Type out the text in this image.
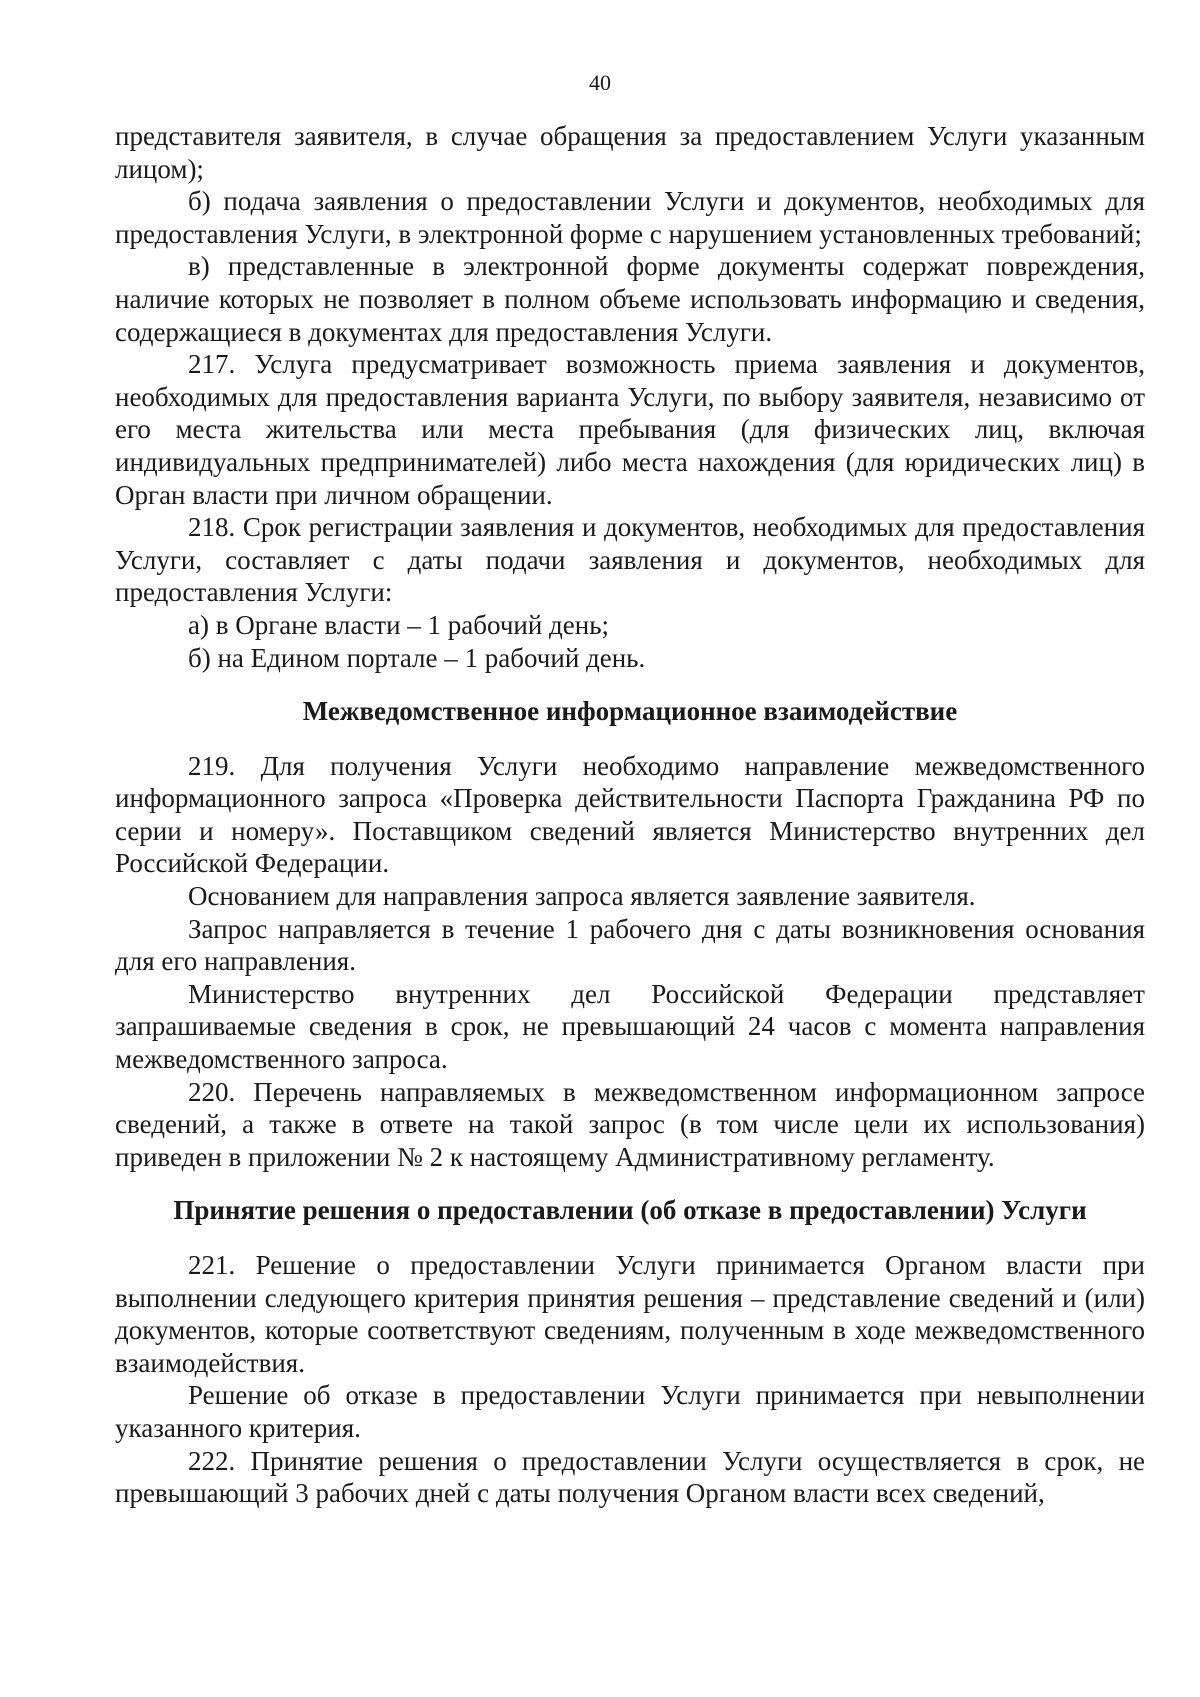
40

представителя заявителя, в случае обращения за предоставлением Услуги указанным лицом);

б) подача заявления о предоставлении Услуги и документов, необходимых для предоставления Услуги, в электронной форме с нарушением установленных требований;

в) представленные в электронной форме документы содержат повреждения, наличие которых не позволяет в полном объеме использовать информацию и сведения, содержащиеся в документах для предоставления Услуги.

217. Услуга предусматривает возможность приема заявления и документов, необходимых для предоставления варианта Услуги, по выбору заявителя, независимо от его места жительства или места пребывания (для физических лиц, включая индивидуальных предпринимателей) либо места нахождения (для юридических лиц) в Орган власти при личном обращении.

218. Срок регистрации заявления и документов, необходимых для предоставления Услуги, составляет с даты подачи заявления и документов, необходимых для предоставления Услуги:

а) в Органе власти – 1 рабочий день;

б) на Едином портале – 1 рабочий день.

Межведомственное информационное взаимодействие

219. Для получения Услуги необходимо направление межведомственного информационного запроса «Проверка действительности Паспорта Гражданина РФ по серии и номеру». Поставщиком сведений является Министерство внутренних дел Российской Федерации.

Основанием для направления запроса является заявление заявителя.

Запрос направляется в течение 1 рабочего дня с даты возникновения основания для его направления.

Министерство внутренних дел Российской Федерации представляет запрашиваемые сведения в срок, не превышающий 24 часов с момента направления межведомственного запроса.

220. Перечень направляемых в межведомственном информационном запросе сведений, а также в ответе на такой запрос (в том числе цели их использования) приведен в приложении № 2 к настоящему Административному регламенту.

Принятие решения о предоставлении (об отказе в предоставлении) Услуги

221. Решение о предоставлении Услуги принимается Органом власти при выполнении следующего критерия принятия решения – представление сведений и (или) документов, которые соответствуют сведениям, полученным в ходе межведомственного взаимодействия.

Решение об отказе в предоставлении Услуги принимается при невыполнении указанного критерия.

222. Принятие решения о предоставлении Услуги осуществляется в срок, не превышающий 3 рабочих дней с даты получения Органом власти всех сведений,
